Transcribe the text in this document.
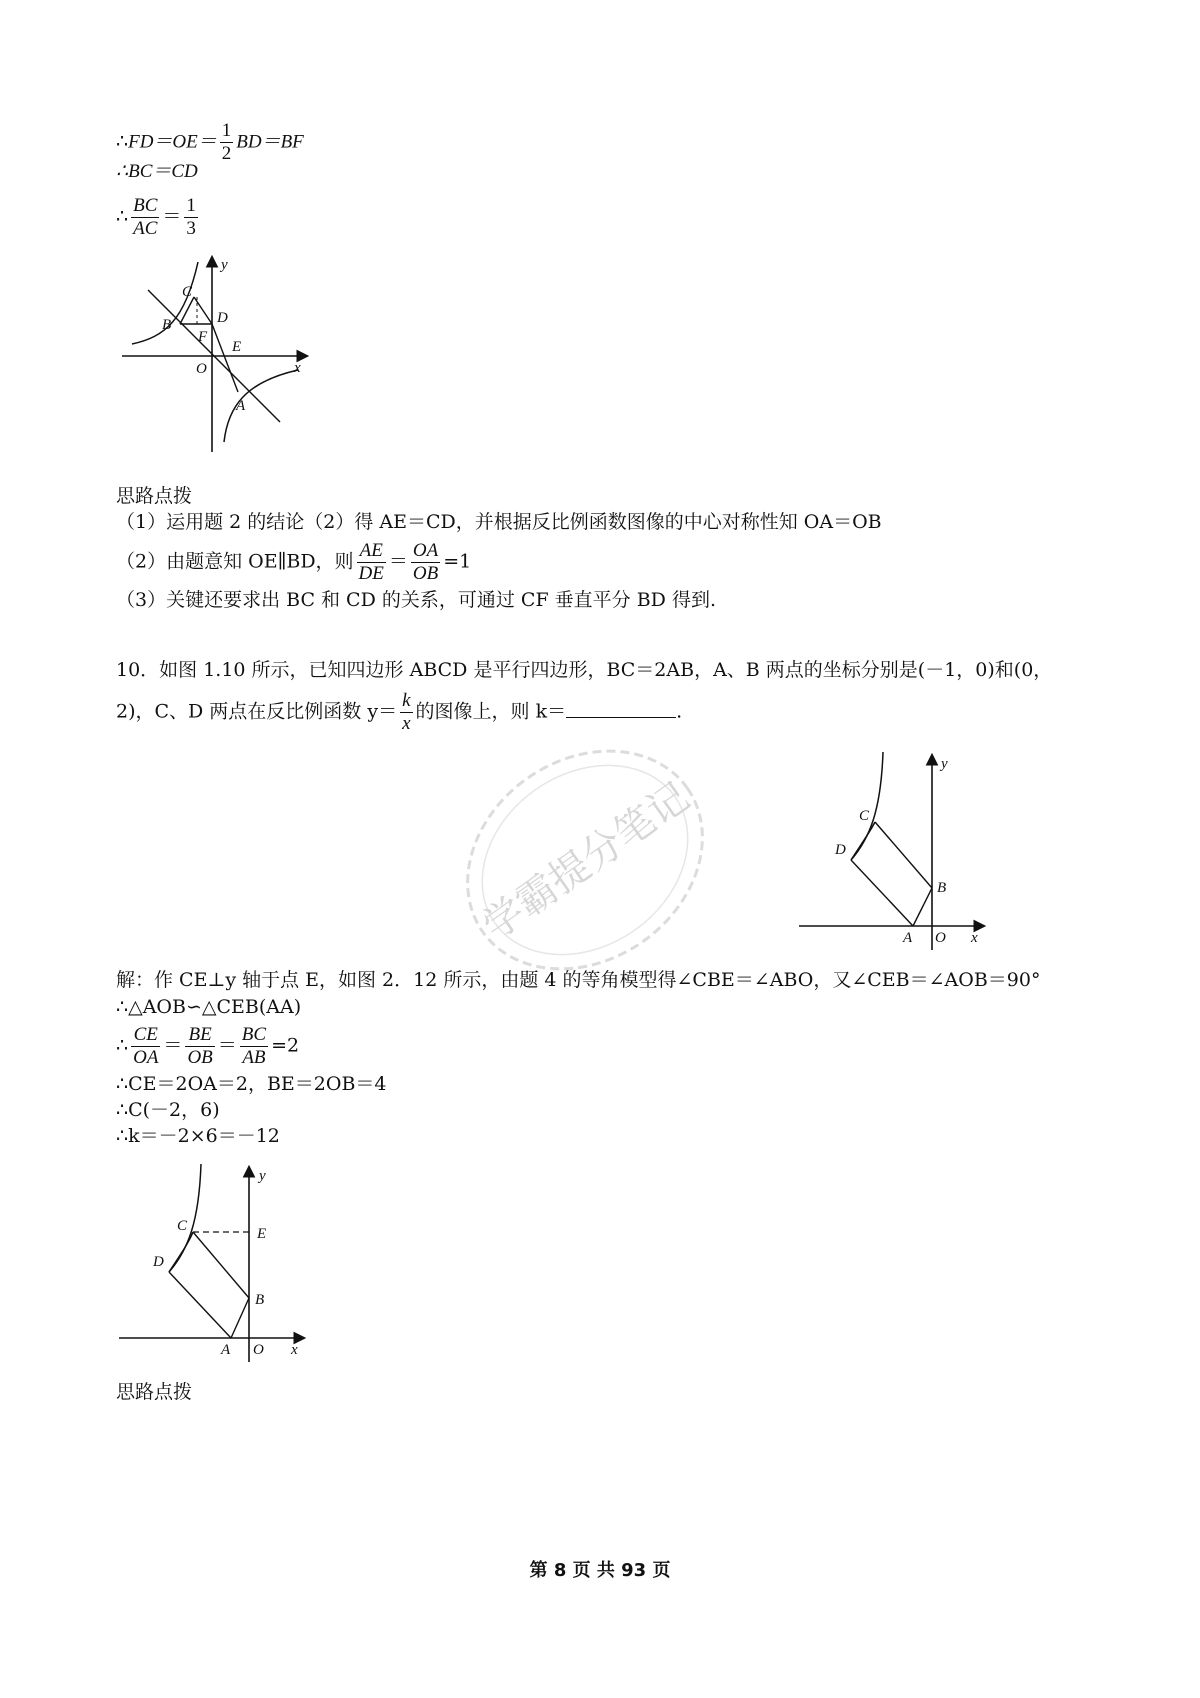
∴FD＝OE＝ $\frac{1}{2} BD=BF$
∴BC＝CD
∴ $\frac{BC}{AC} = \frac{1}{3}$
y
C
D
B
F
E
O	x
A
思路点拨
（1）运用题 2 的结论（2）得 AE＝CD，并根据反比例函数图像的中心对称性知 OA＝OB
（2）由题意知 OE∥BD，则 $\frac{AE}{DE} = \frac{OA}{OB} =1$
（3）关键还要求出 BC 和 CD 的关系，可通过 CF 垂直平分 BD 得到.
10．如图 1.10 所示，已知四边形 ABCD 是平行四边形，BC＝2AB，A、B 两点的坐标分别是(－1，0)和(0，
2)，C、D 两点在反比例函数 $y= \frac{k}{x}$ 的图像上，则 k＝	.
学霸提分笔记
y
C
D
B
A O x
解：作 CE⊥y 轴于点 E，如图 2．12 所示，由题 4 的等角模型得∠CBE＝∠ABO，又∠CEB＝∠AOB＝90°
∴△AOB∽△CEB(AA)
∴ $\frac{CE}{OA} = \frac{BE}{OB} = \frac{BC}{AB} =2$
∴CE＝2OA＝2，BE＝2OB＝4
∴C(－2，6)
∴k＝－2×6＝－12
y
C	E
D
B
A O x
思路点拨
第 8 页 共 93 页
